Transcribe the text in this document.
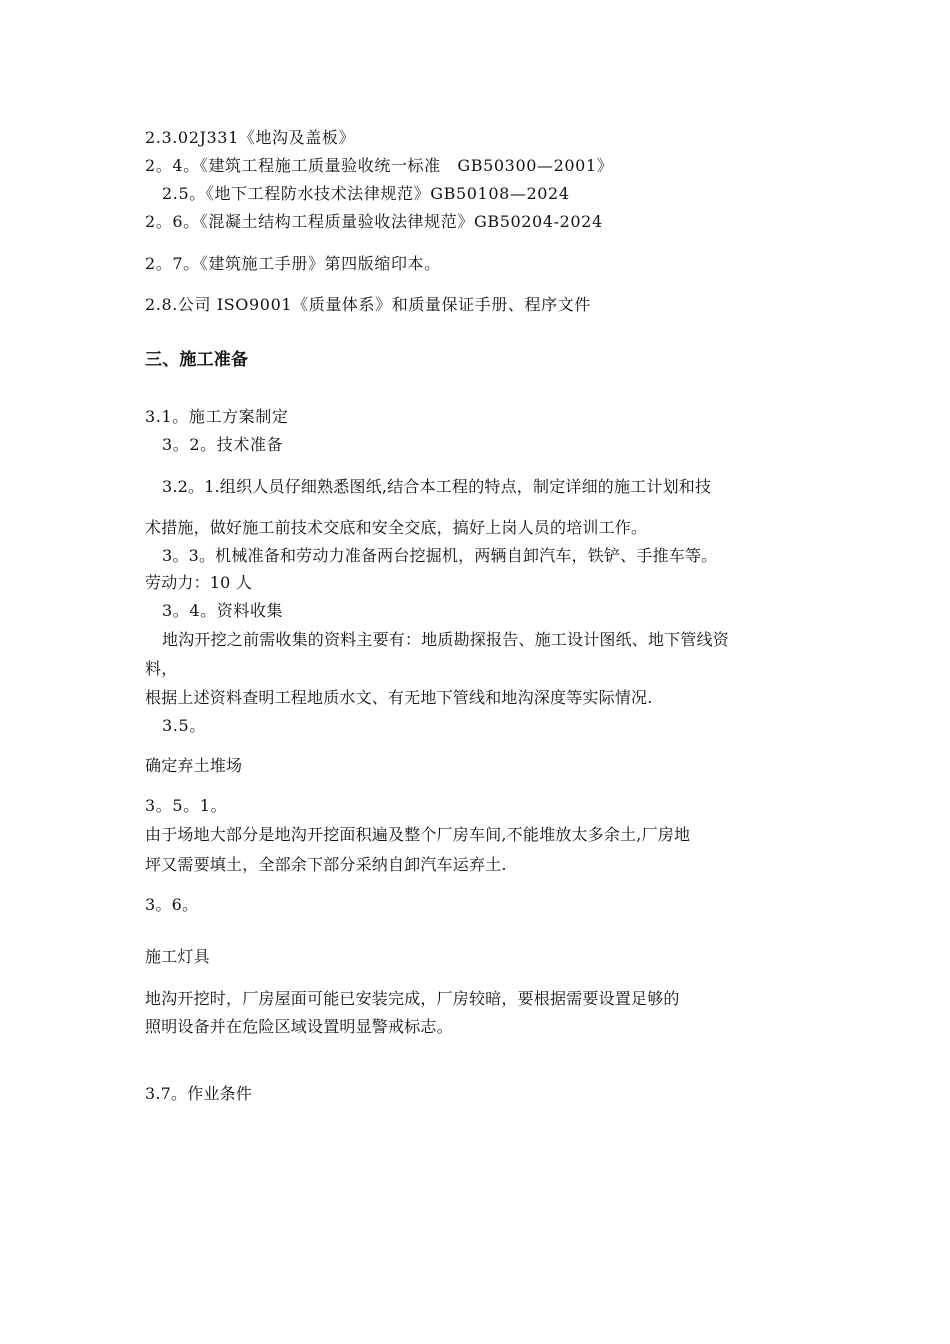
2.3.02J331《地沟及盖板》
2。4。《建筑工程施工质量验收统一标准　GB50300—2001》
2.5。《地下工程防水技术法律规范》GB50108—2024
2。6。《混凝土结构工程质量验收法律规范》GB50204-2024
2。7。《建筑施工手册》第四版缩印本。
2.8.公司 ISO9001《质量体系》和质量保证手册、程序文件
三、施工准备
3.1。施工方案制定
3。2。技术准备
3.2。1.组织人员仔细熟悉图纸,结合本工程的特点，制定详细的施工计划和技
术措施，做好施工前技术交底和安全交底，搞好上岗人员的培训工作。
3。3。机械准备和劳动力准备两台挖掘机，两辆自卸汽车，铁铲、手推车等。
劳动力：10 人
3。4。资料收集
地沟开挖之前需收集的资料主要有：地质勘探报告、施工设计图纸、地下管线资
料，
根据上述资料查明工程地质水文、有无地下管线和地沟深度等实际情况.
3.5。
确定弃土堆场
3。5。1。
由于场地大部分是地沟开挖面积遍及整个厂房车间,不能堆放太多余土,厂房地
坪又需要填土，全部余下部分采纳自卸汽车运弃土.
3。6。
施工灯具
地沟开挖时，厂房屋面可能已安装完成，厂房较暗，要根据需要设置足够的
照明设备并在危险区域设置明显警戒标志。
3.7。作业条件
